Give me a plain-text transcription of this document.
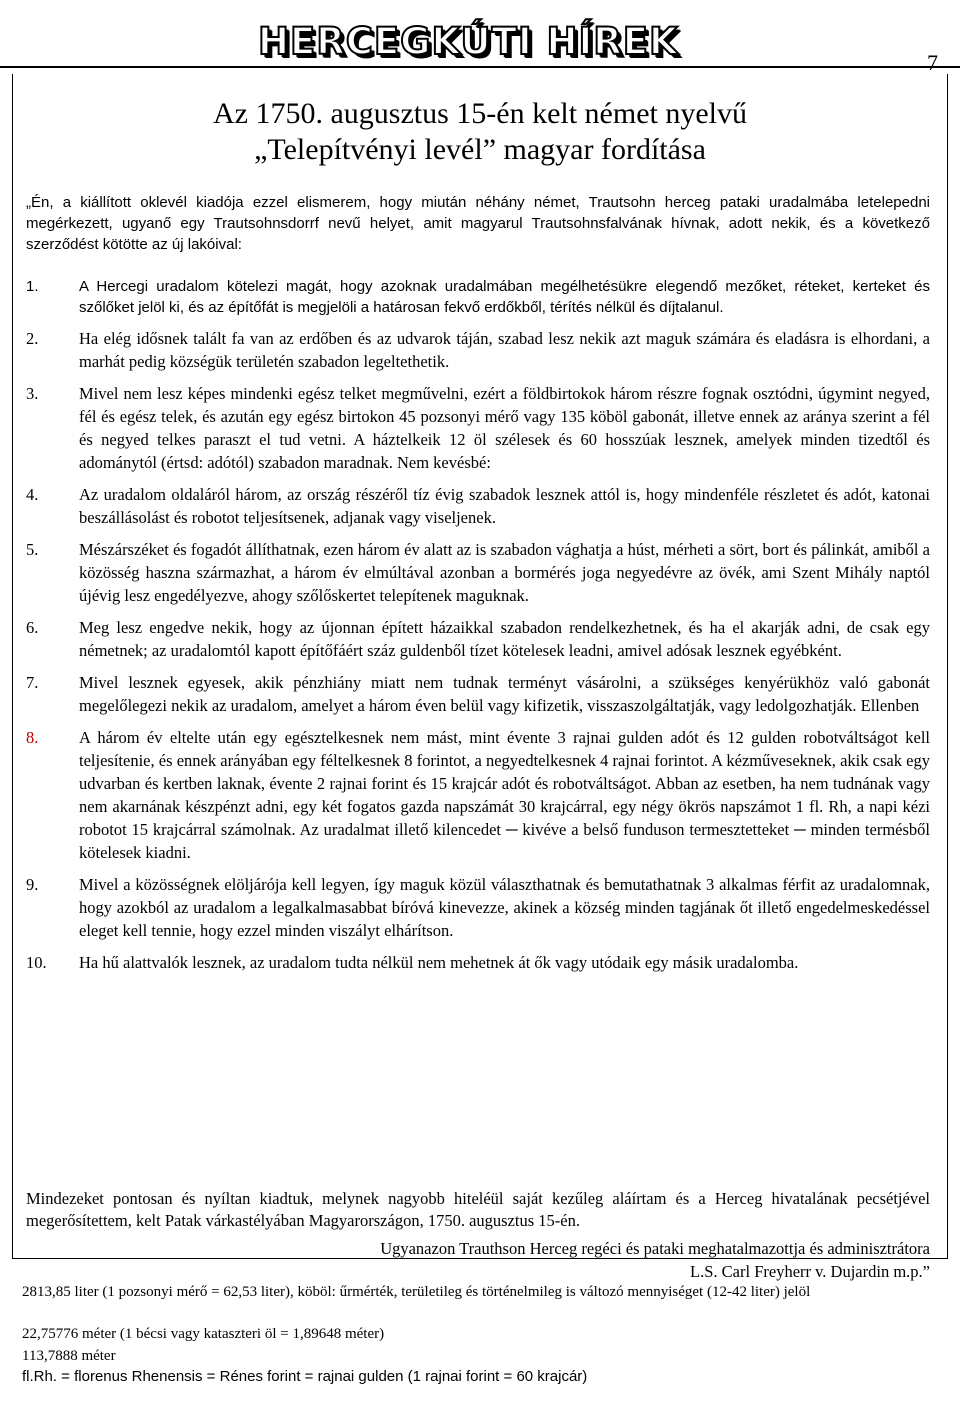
HERCEGKÚTI HÍREK	7
Az 1750. augusztus 15-én kelt német nyelvű
„Telepítvényi levél” magyar fordítása

„Én, a kiállított oklevél kiadója ezzel elismerem, hogy miután néhány német, Trautsohn herceg pataki uradalmába letelepedni megérkezett, ugyanő egy Trautsohnsdorrf nevű helyet, amit magyarul Trautsohnsfalvának hívnak, adott nekik, és a következő szerződést kötötte az új lakóival:

1.	A Hercegi uradalom kötelezi magát, hogy azoknak uradalmában megélhetésükre elegendő mezőket, réteket, kerteket és szőlőket jelöl ki, és az építőfát is megjelöli a határosan fekvő erdőkből, térítés nélkül és díjtalanul.
2.	Ha elég idősnek talált fa van az erdőben és az udvarok táján, szabad lesz nekik azt maguk számára és eladásra is elhordani, a marhát pedig községük területén szabadon legeltethetik.
3.	Mivel nem lesz képes mindenki egész telket megművelni, ezért a földbirtokok három részre fognak osztódni, úgymint negyed, fél és egész telek, és azután egy egész birtokon 45 pozsonyi mérő vagy 135 köböl gabonát, illetve ennek az aránya szerint a fél és negyed telkes paraszt el tud vetni. A háztelkeik 12 öl szélesek és 60 hosszúak lesznek, amelyek minden tizedtől és adománytól (értsd: adótól) szabadon maradnak. Nem kevésbé:
4.	Az uradalom oldaláról három, az ország részéről tíz évig szabadok lesznek attól is, hogy mindenféle részletet és adót, katonai beszállásolást és robotot teljesítsenek, adjanak vagy viseljenek.
5.	Mészárszéket és fogadót állíthatnak, ezen három év alatt az is szabadon vághatja a húst, mérheti a sört, bort és pálinkát, amiből a közösség haszna származhat, a három év elmúltával azonban a bormérés joga negyedévre az övék, ami Szent Mihály naptól újévig lesz engedélyezve, ahogy szőlőskertet telepítenek maguknak.
6.	Meg lesz engedve nekik, hogy az újonnan épített házaikkal szabadon rendelkezhetnek, és ha el akarják adni, de csak egy németnek; az uradalomtól kapott építőfáért száz guldenből tízet kötelesek leadni, amivel adósak lesznek egyébként.
7.	Mivel lesznek egyesek, akik pénzhiány miatt nem tudnak terményt vásárolni, a szükséges kenyérükhöz való gabonát megelőlegezi nekik az uradalom, amelyet a három éven belül vagy kifizetik, visszaszolgáltatják, vagy ledolgozhatják. Ellenben
8.	A három év eltelte után egy egésztelkesnek nem mást, mint évente 3 rajnai gulden adót és 12 gulden robotváltságot kell teljesítenie, és ennek arányában egy féltelkesnek 8 forintot, a negyedtelkesnek 4 rajnai forintot. A kézműveseknek, akik csak egy udvarban és kertben laknak, évente 2 rajnai forint és 15 krajcár adót és robotváltságot. Abban az esetben, ha nem tudnának vagy nem akarnának készpénzt adni, egy két fogatos gazda napszámát 30 krajcárral, egy négy ökrös napszámot 1 fl. Rh, a napi kézi robotot 15 krajcárral számolnak. Az uradalmat illető kilencedet ─ kivéve a belső funduson termesztetteket ─ minden termésből kötelesek kiadni.
9.	Mivel a közösségnek elöljárója kell legyen, így maguk közül választhatnak és bemutathatnak 3 alkalmas férfit az uradalomnak, hogy azokból az uradalom a legalkalmasabbat bíróvá kinevezze, akinek a község minden tagjának őt illető engedelmeskedéssel eleget kell tennie, hogy ezzel minden viszályt elhárítson.
10.	Ha hű alattvalók lesznek, az uradalom tudta nélkül nem mehetnek át ők vagy utódaik egy másik uradalomba.

Mindezeket pontosan és nyíltan kiadtuk, melynek nagyobb hiteléül saját kezűleg aláírtam és a Herceg hivatalának pecsétjével megerősítettem, kelt Patak várkastélyában Magyarországon, 1750. augusztus 15-én.

Ugyanazon Trauthson Herceg regéci és pataki meghatalmazottja és adminisztrátora
L.S. Carl Freyherr v. Dujardin m.p.”

2813,85 liter (1 pozsonyi mérő = 62,53 liter), köböl: űrmérték, területileg és történelmileg is változó mennyiséget (12-42 liter) jelöl

22,75776 méter (1 bécsi vagy kataszteri öl = 1,89648 méter)

113,7888 méter

fl.Rh. = florenus Rhenensis = Rénes forint = rajnai gulden (1 rajnai forint = 60 krajcár)
